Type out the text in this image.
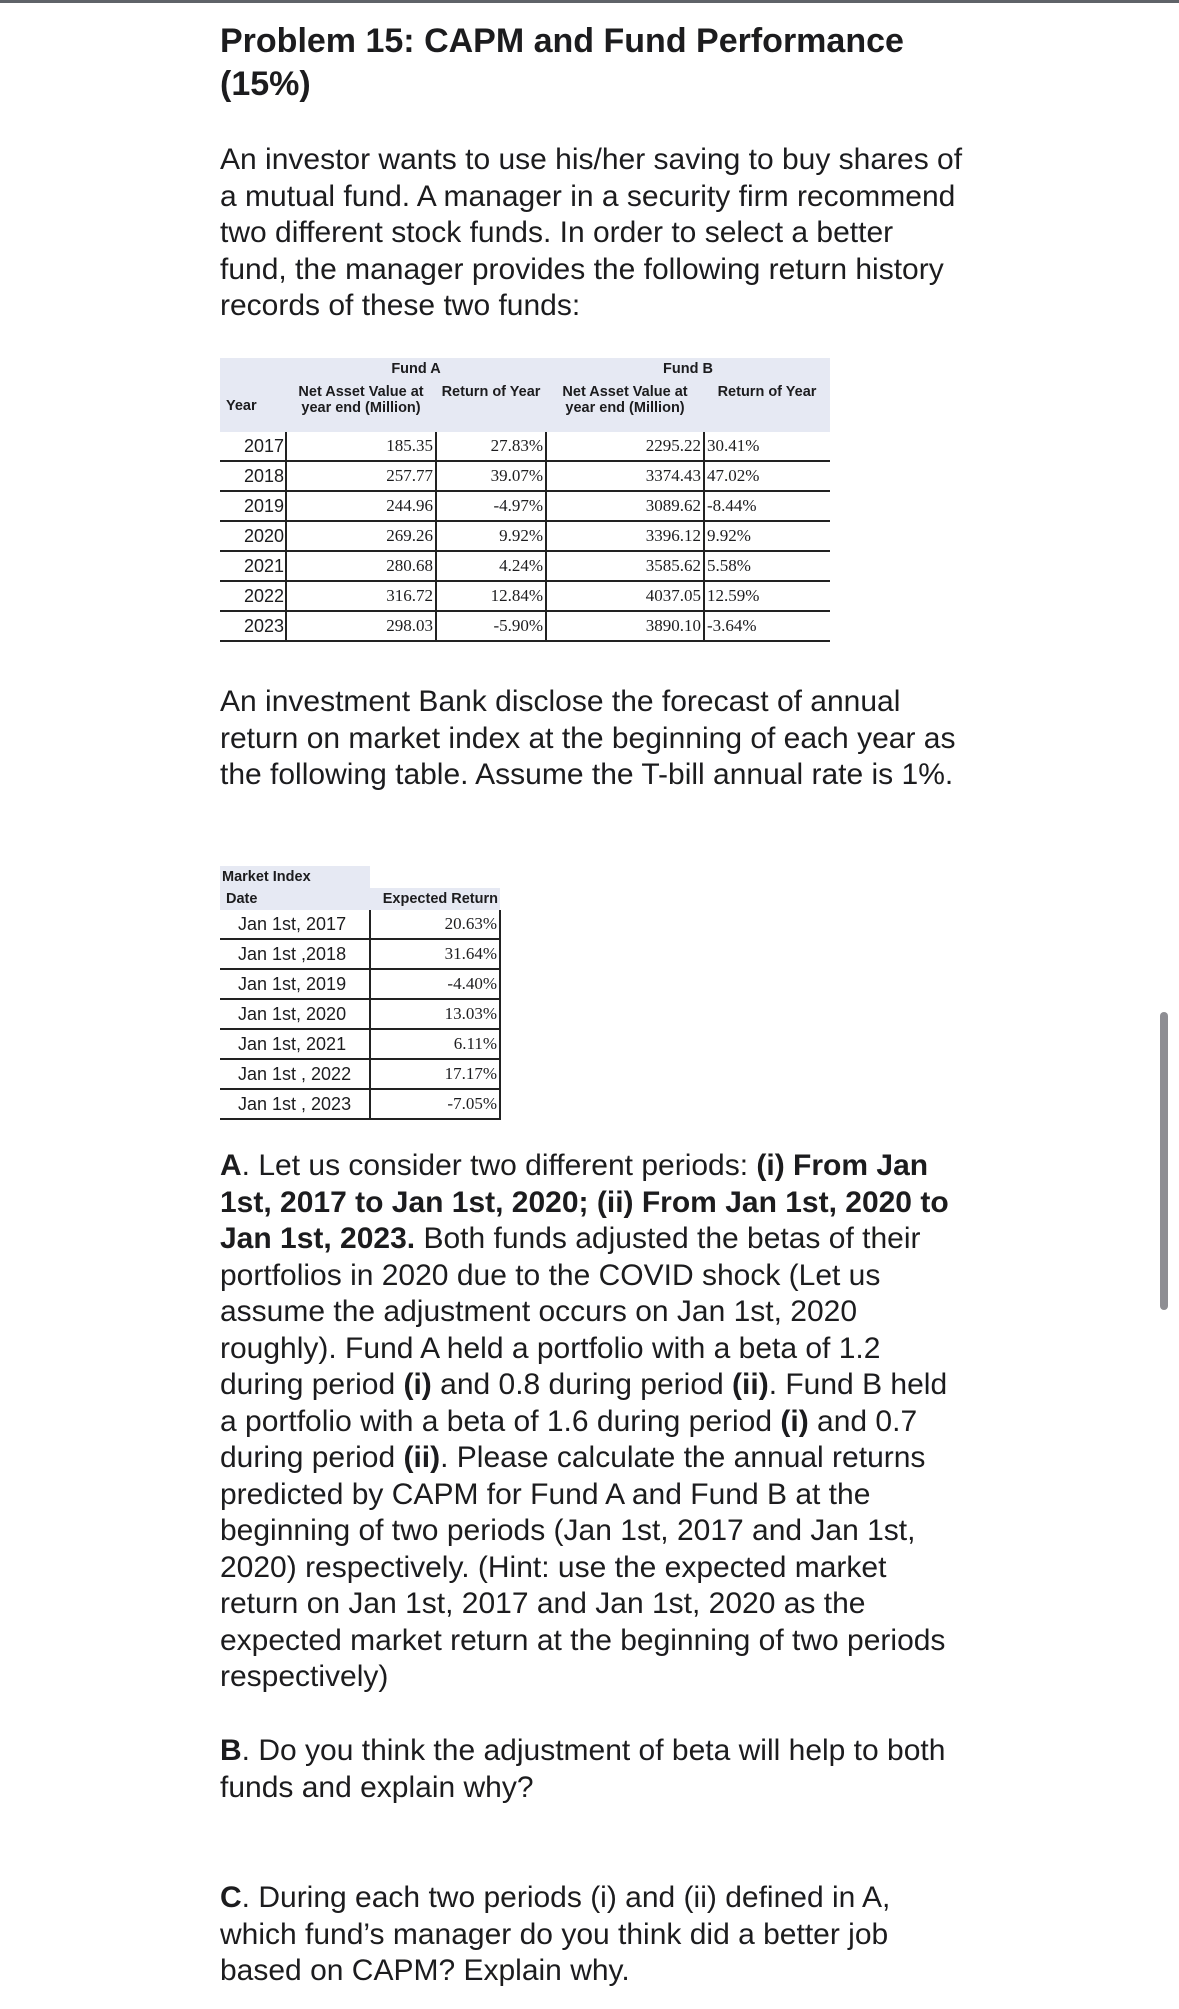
Problem 15: CAPM and Fund Performance (15%)

An investor wants to use his/her saving to buy shares of a mutual fund. A manager in a security firm recommend two different stock funds. In order to select a better fund, the manager provides the following return history records of these two funds:

	Fund A		Fund B	
Year	Net Asset Value at year end (Million)	Return of Year	Net Asset Value at year end (Million)	Return of Year
2017	185.35	27.83%	2295.22	30.41%
2018	257.77	39.07%	3374.43	47.02%
2019	244.96	-4.97%	3089.62	-8.44%
2020	269.26	9.92%	3396.12	9.92%
2021	280.68	4.24%	3585.62	5.58%
2022	316.72	12.84%	4037.05	12.59%
2023	298.03	-5.90%	3890.10	-3.64%

An investment Bank disclose the forecast of annual return on market index at the beginning of each year as the following table. Assume the T-bill annual rate is 1%.

Market Index	
Date	Expected Return
Jan 1st, 2017	20.63%
Jan 1st ,2018	31.64%
Jan 1st, 2019	-4.40%
Jan 1st, 2020	13.03%
Jan 1st, 2021	6.11%
Jan 1st , 2022	17.17%
Jan 1st , 2023	-7.05%

A. Let us consider two different periods: (i) From Jan 1st, 2017 to Jan 1st, 2020; (ii) From Jan 1st, 2020 to Jan 1st, 2023. Both funds adjusted the betas of their portfolios in 2020 due to the COVID shock (Let us assume the adjustment occurs on Jan 1st, 2020 roughly). Fund A held a portfolio with a beta of 1.2 during period (i) and 0.8 during period (ii). Fund B held a portfolio with a beta of 1.6 during period (i) and 0.7 during period (ii). Please calculate the annual returns predicted by CAPM for Fund A and Fund B at the beginning of two periods (Jan 1st, 2017 and Jan 1st, 2020) respectively. (Hint: use the expected market return on Jan 1st, 2017 and Jan 1st, 2020 as the expected market return at the beginning of two periods respectively)

B. Do you think the adjustment of beta will help to both funds and explain why?

C. During each two periods (i) and (ii) defined in A, which fund’s manager do you think did a better job based on CAPM? Explain why.
